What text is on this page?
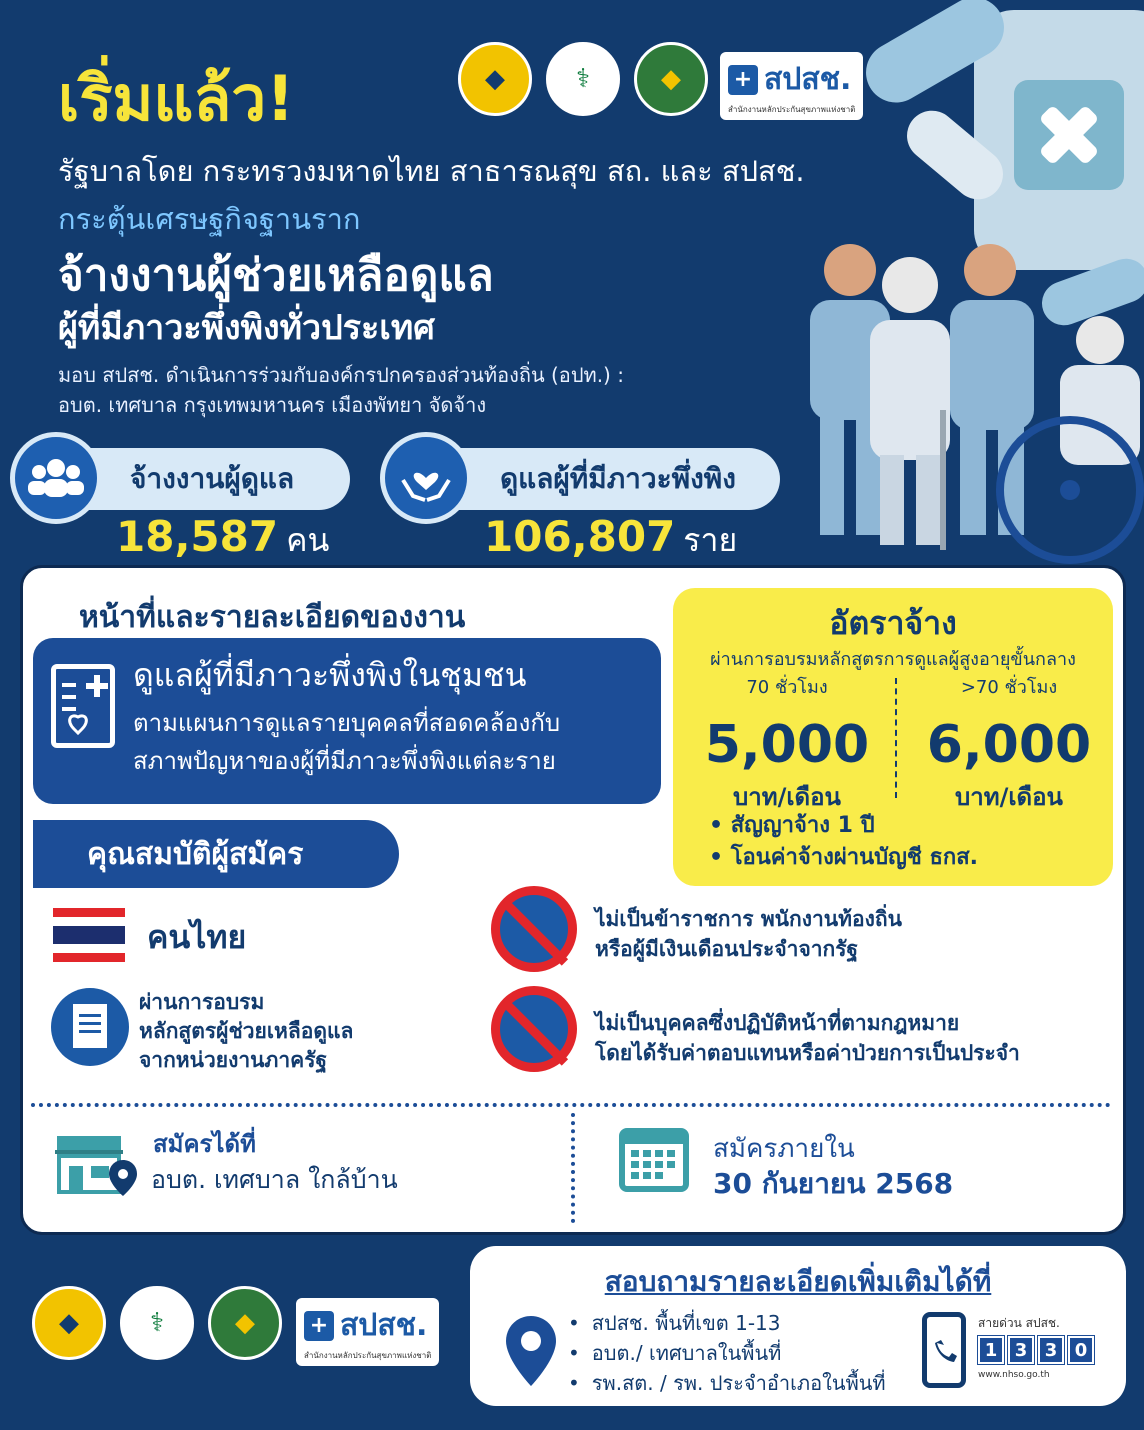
◆	⚕	◆	+ สปสช.
สำนักงานหลักประกันสุขภาพแห่งชาติ
เริ่มแล้ว!
รัฐบาลโดย กระทรวงมหาดไทย สาธารณสุข สถ. และ สปสช.
กระตุ้นเศรษฐกิจฐานราก
จ้างงานผู้ช่วยเหลือดูแล
ผู้ที่มีภาวะพึ่งพิงทั่วประเทศ
มอบ สปสช. ดำเนินการร่วมกับองค์กรปกครองส่วนท้องถิ่น (อปท.) :
อบต. เทศบาล กรุงเทพมหานคร เมืองพัทยา จัดจ้าง
จ้างงานผู้ดูแล
18,587 คน
ดูแลผู้ที่มีภาวะพึ่งพิง
106,807 ราย
หน้าที่และรายละเอียดของงาน
ดูแลผู้ที่มีภาวะพึ่งพิงในชุมชน
ตามแผนการดูแลรายบุคคลที่สอดคล้องกับ
สภาพปัญหาของผู้ที่มีภาวะพึ่งพิงแต่ละราย
อัตราจ้าง
ผ่านการอบรมหลักสูตรการดูแลผู้สูงอายุขั้นกลาง
70 ชั่วโมง
5,000
บาท/เดือน
>70 ชั่วโมง
6,000
บาท/เดือน
• สัญญาจ้าง 1 ปี
• โอนค่าจ้างผ่านบัญชี ธกส.
คุณสมบัติผู้สมัคร
คนไทย
ผ่านการอบรม
หลักสูตรผู้ช่วยเหลือดูแล
จากหน่วยงานภาครัฐ
ไม่เป็นข้าราชการ พนักงานท้องถิ่น
หรือผู้มีเงินเดือนประจำจากรัฐ
ไม่เป็นบุคคลซึ่งปฏิบัติหน้าที่ตามกฎหมาย
โดยได้รับค่าตอบแทนหรือค่าป่วยการเป็นประจำ
สมัครได้ที่
อบต. เทศบาล ใกล้บ้าน
สมัครภายใน
30 กันยายน 2568
◆	⚕	◆	+ สปสช.
สำนักงานหลักประกันสุขภาพแห่งชาติ
สอบถามรายละเอียดเพิ่มเติมได้ที่
• สปสช. พื้นที่เขต 1-13
• อบต./ เทศบาลในพื้นที่
• รพ.สต. / รพ. ประจำอำเภอในพื้นที่
สายด่วน สปสช.
1 3 3 0
www.nhso.go.th
